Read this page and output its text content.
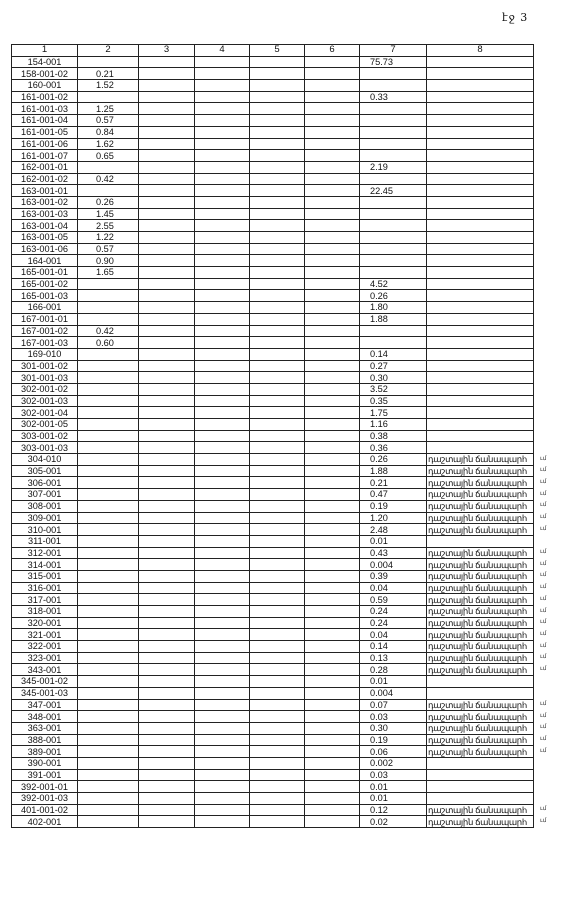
էջ 3
1	2	3	4	5	6	7	8
154-001						75.73	
158-001-02	0.21						
160-001	1.52						
161-001-02						0.33	
161-001-03	1.25						
161-001-04	0.57						
161-001-05	0.84						
161-001-06	1.62						
161-001-07	0.65						
162-001-01						2.19	
162-001-02	0.42						
163-001-01						22.45	
163-001-02	0.26						
163-001-03	1.45						
163-001-04	2.55						
163-001-05	1.22						
163-001-06	0.57						
164-001	0.90						
165-001-01	1.65						
165-001-02						4.52	
165-001-03						0.26	
166-001						1.80	
167-001-01						1.88	
167-001-02	0.42						
167-001-03	0.60						
169-010						0.14	
301-001-02						0.27	
301-001-03						0.30	
302-001-02						3.52	
302-001-03						0.35	
302-001-04						1.75	
302-001-05						1.16	
303-001-02						0.38	
303-001-03						0.36	
304-010						0.26	դաշտային ճանապարհ
305-001						1.88	դաշտային ճանապարհ
306-001						0.21	դաշտային ճանապարհ
307-001						0.47	դաշտային ճանապարհ
308-001						0.19	դաշտային ճանապարհ
309-001						1.20	դաշտային ճանապարհ
310-001						2.48	դաշտային ճանապարհ
311-001						0.01	
312-001						0.43	դաշտային ճանապարհ
314-001						0.004	դաշտային ճանապարհ
315-001						0.39	դաշտային ճանապարհ
316-001						0.04	դաշտային ճանապարհ
317-001						0.59	դաշտային ճանապարհ
318-001						0.24	դաշտային ճանապարհ
320-001						0.24	դաշտային ճանապարհ
321-001						0.04	դաշտային ճանապարհ
322-001						0.14	դաշտային ճանապարհ
323-001						0.13	դաշտային ճանապարհ
343-001						0.28	դաշտային ճանապարհ
345-001-02						0.01	
345-001-03						0.004	
347-001						0.07	դաշտային ճանապարհ
348-001						0.03	դաշտային ճանապարհ
363-001						0.30	դաշտային ճանապարհ
388-001						0.19	դաշտային ճանապարհ
389-001						0.06	դաշտային ճանապարհ
390-001						0.002	
391-001						0.03	
392-001-01						0.01	
392-001-03						0.01	
401-001-02						0.12	դաշտային ճանապարհ
402-001						0.02	դաշտային ճանապարհ
ւմ
ւմ
ւմ
ւմ
ւմ
ւմ
ւմ
ւմ
ւմ
ւմ
ւմ
ւմ
ւմ
ւմ
ւմ
ւմ
ւմ
ւմ
ւմ
ւմ
ւմ
ւմ
ւմ
ւմ
ւմ
